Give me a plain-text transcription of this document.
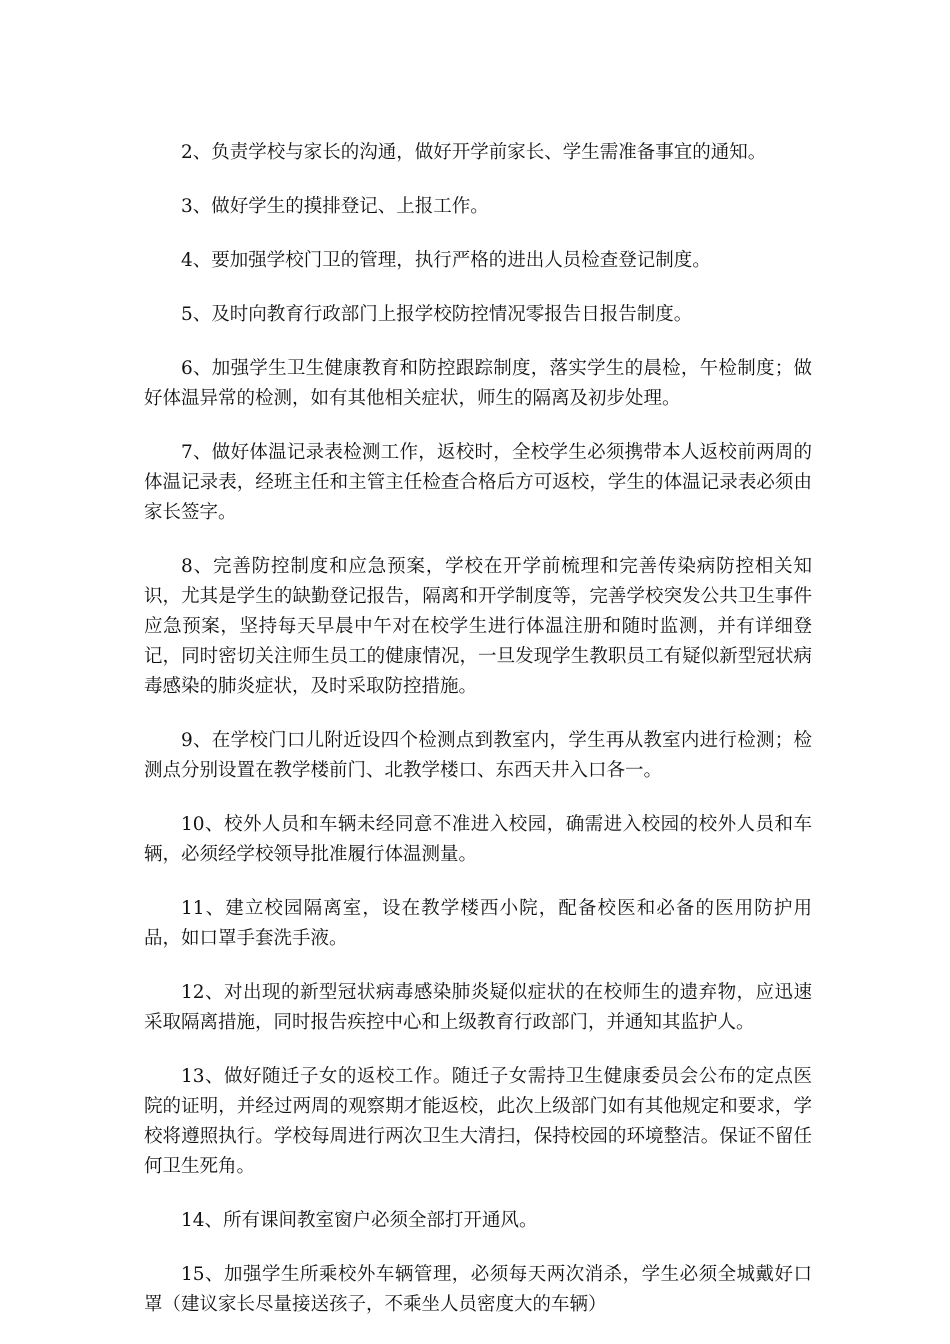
2、负责学校与家长的沟通，做好开学前家长、学生需准备事宜的通知。

3、做好学生的摸排登记、上报工作。

4、要加强学校门卫的管理，执行严格的进出人员检查登记制度。

5、及时向教育行政部门上报学校防控情况零报告日报告制度。

6、加强学生卫生健康教育和防控跟踪制度，落实学生的晨检，午检制度；做好体温异常的检测，如有其他相关症状，师生的隔离及初步处理。

7、做好体温记录表检测工作，返校时，全校学生必须携带本人返校前两周的体温记录表，经班主任和主管主任检查合格后方可返校，学生的体温记录表必须由家长签字。

8、完善防控制度和应急预案，学校在开学前梳理和完善传染病防控相关知识，尤其是学生的缺勤登记报告，隔离和开学制度等，完善学校突发公共卫生事件应急预案，坚持每天早晨中午对在校学生进行体温注册和随时监测，并有详细登记，同时密切关注师生员工的健康情况，一旦发现学生教职员工有疑似新型冠状病毒感染的肺炎症状，及时采取防控措施。

9、在学校门口儿附近设四个检测点到教室内，学生再从教室内进行检测；检测点分别设置在教学楼前门、北教学楼口、东西天井入口各一。

10、校外人员和车辆未经同意不准进入校园，确需进入校园的校外人员和车辆，必须经学校领导批准履行体温测量。

11、建立校园隔离室，设在教学楼西小院，配备校医和必备的医用防护用品，如口罩手套洗手液。

12、对出现的新型冠状病毒感染肺炎疑似症状的在校师生的遗弃物，应迅速采取隔离措施，同时报告疾控中心和上级教育行政部门，并通知其监护人。

13、做好随迁子女的返校工作。随迁子女需持卫生健康委员会公布的定点医院的证明，并经过两周的观察期才能返校，此次上级部门如有其他规定和要求，学校将遵照执行。学校每周进行两次卫生大清扫，保持校园的环境整洁。保证不留任何卫生死角。

14、所有课间教室窗户必须全部打开通风。

15、加强学生所乘校外车辆管理，必须每天两次消杀，学生必须全城戴好口罩（建议家长尽量接送孩子，不乘坐人员密度大的车辆）
